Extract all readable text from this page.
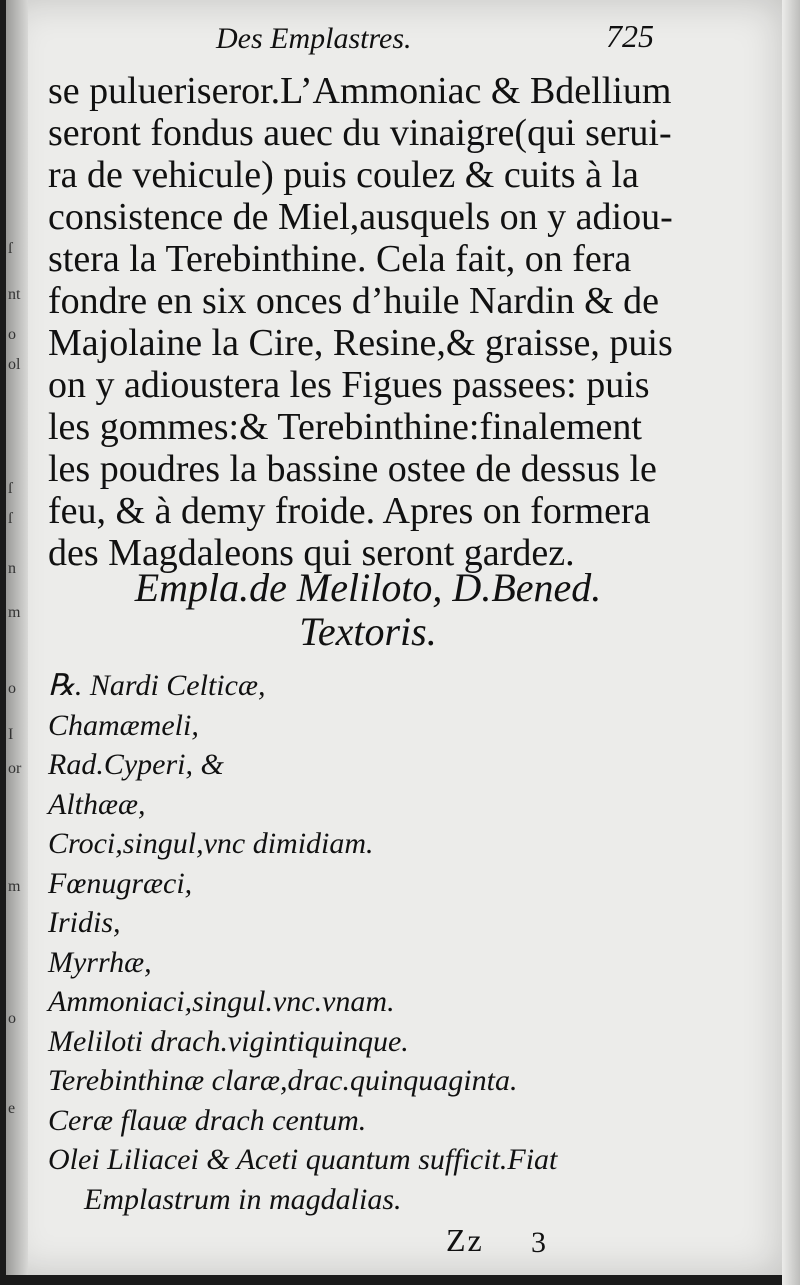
ſ
nt
o
ol
ſ
ſ
n
m
o
I
or
m
o
e
Des Emplastres.	725
se pulueriseror.L’Ammoniac & Bdellium
seront fondus auec du vinaigre(qui serui-
ra de vehicule) puis coulez & cuits à la
consistence de Miel,ausquels on y adiou-
stera la Terebinthine. Cela fait, on fera
fondre en six onces d’huile Nardin & de
Majolaine la Cire, Resine,& graisse, puis
on y adioustera les Figues passees: puis
les gommes:& Terebinthine:finalement
les poudres la bassine ostee de dessus le
feu, & à demy froide. Apres on formera
des Magdaleons qui seront gardez.
Empla.de Meliloto, D.Bened.
Textoris.
℞. Nardi Celticæ,
Chamæmeli,
Rad.Cyperi, &
Althææ,
Croci,singul,vnc dimidiam.
Fœnugræci,
Iridis,
Myrrhæ,
Ammoniaci,singul.vnc.vnam.
Meliloti drach.vigintiquinque.
Terebinthinæ claræ,drac.quinquaginta.
Ceræ flauæ drach centum.
Olei Liliacei & Aceti quantum sufficit.Fiat
Emplastrum in magdalias.
Zz 3
